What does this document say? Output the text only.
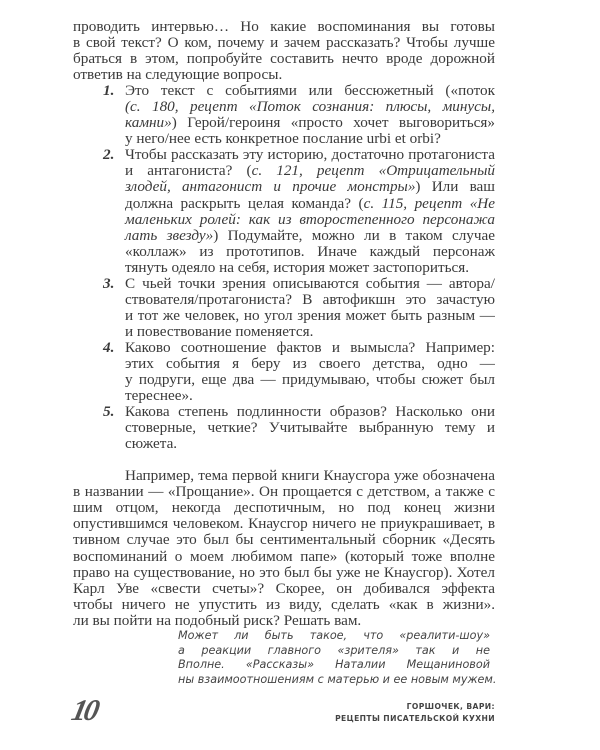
проводить интервью… Но какие воспоминания вы готовы
в свой текст? О ком, почему и зачем рассказать? Чтобы лучше
браться в этом, попробуйте составить нечто вроде дорожной
ответив на следующие вопросы.
Это текст с событиями или бессюжетный («поток
1.
(с. 180, рецепт «Поток сознания: плюсы, минусы,
камни») Герой/героиня «просто хочет выговориться»
у него/нее есть конкретное послание urbi et orbi?
Чтобы рассказать эту историю, достаточно протагониста
2.
и антагониста? (с. 121, рецепт «Отрицательный
злодей, антагонист и прочие монстры») Или ваш
должна раскрыть целая команда? (с. 115, рецепт «Не
маленьких ролей: как из второстепенного персонажа
лать звезду») Подумайте, можно ли в таком случае
«коллаж» из прототипов. Иначе каждый персонаж
тянуть одеяло на себя, история может застопориться.
С чьей точки зрения описываются события — автора/
3.
ствователя/протагониста? В автофикшн это зачастую
и тот же человек, но угол зрения может быть разным —
и повествование поменяется.
Каково соотношение фактов и вымысла? Например:
4.
этих события я беру из своего детства, одно —
у подруги, еще два — придумываю, чтобы сюжет был
тереснее».
Какова степень подлинности образов? Насколько они
5.
стоверные, четкие? Учитывайте выбранную тему и
сюжета.
Например, тема первой книги Кнаусгора уже обозначена
в названии — «Прощание». Он прощается с детством, а также с
шим отцом, некогда деспотичным, но под конец жизни
опустившимся человеком. Кнаусгор ничего не приукрашивает, в
тивном случае это был бы сентиментальный сборник «Десять
воспоминаний о моем любимом папе» (который тоже вполне
право на существование, но это был бы уже не Кнаусгор). Хотел
Карл Уве «свести счеты»? Скорее, он добивался эффекта
чтобы ничего не упустить из виду, сделать «как в жизни».
ли вы пойти на подобный риск? Решать вам.
Может ли быть такое, что «реалити-шоу»
а реакции главного «зрителя» так и не
Вполне. «Рассказы» Наталии Мещаниновой
ны взаимоотношениям с матерью и ее новым мужем.
10	ГОРШОЧЕК, ВАРИ:
РЕЦЕПТЫ ПИСАТЕЛЬСКОЙ КУХНИ
